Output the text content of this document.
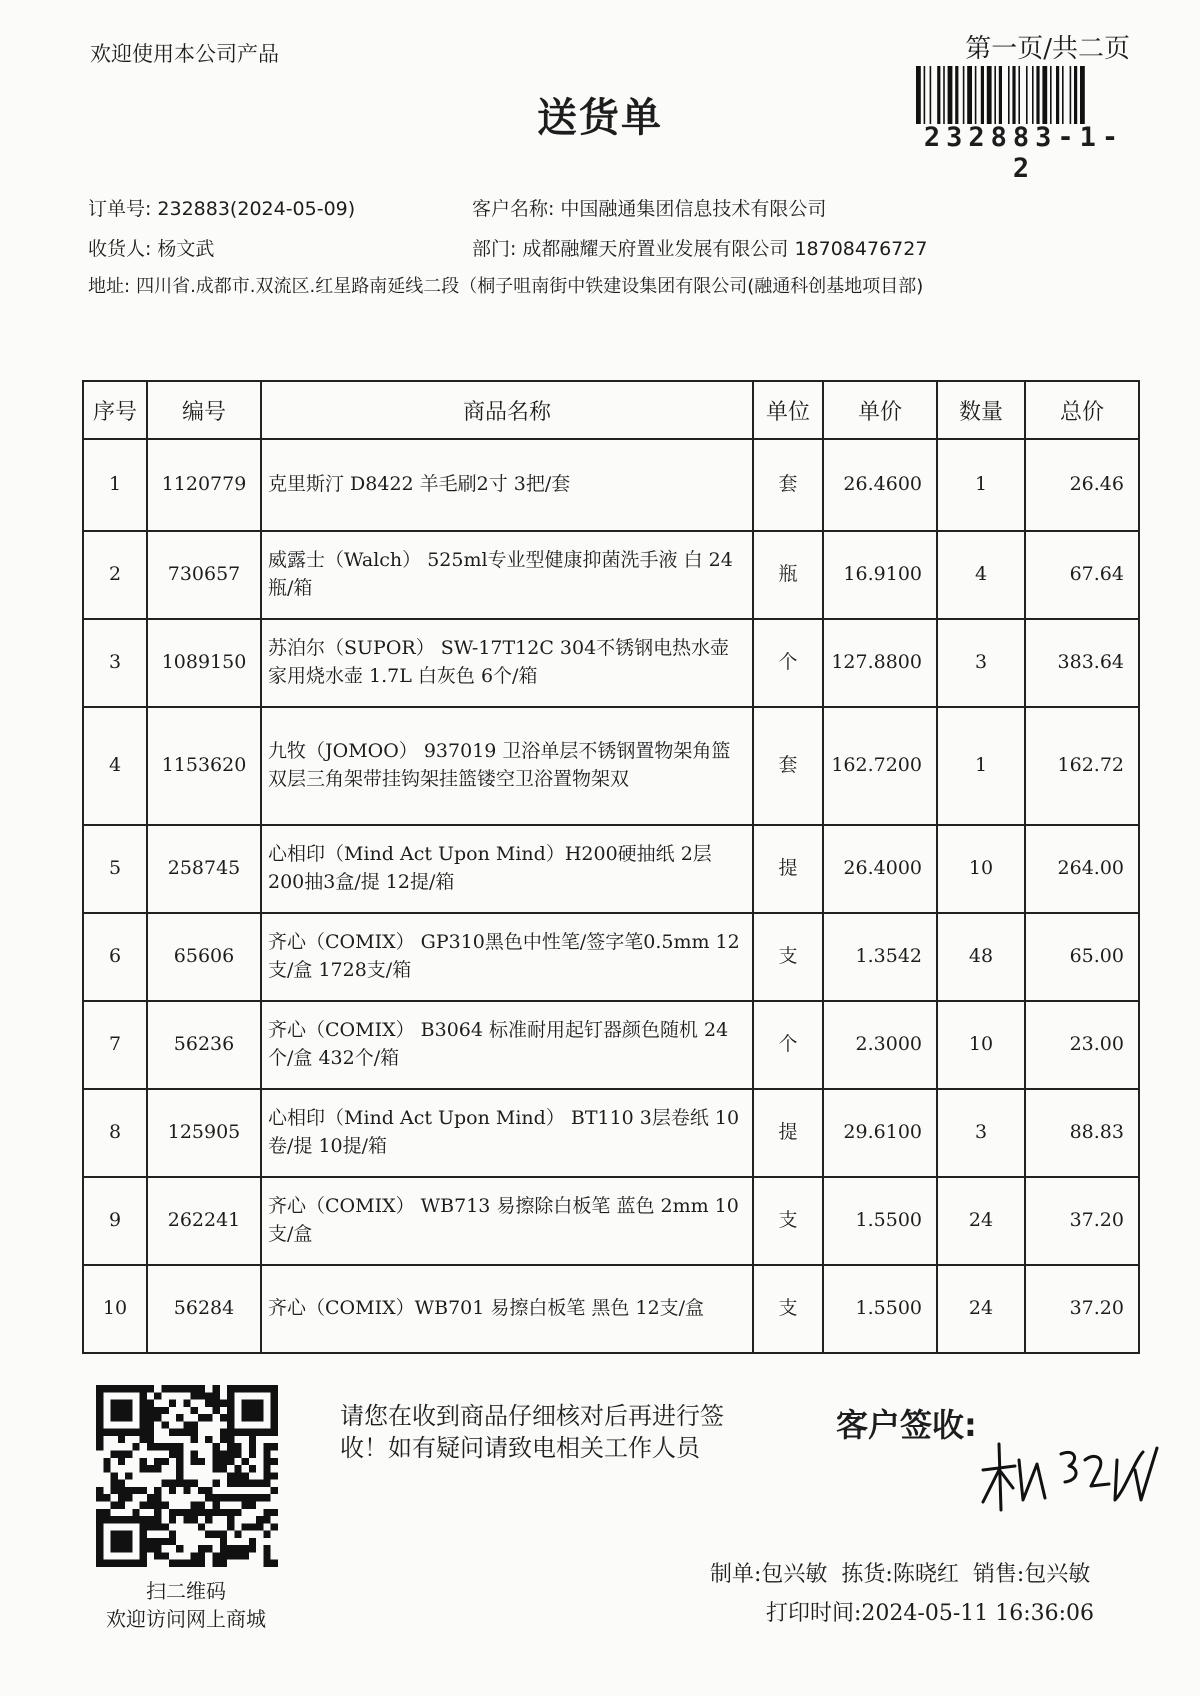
欢迎使用本公司产品	第一页/共二页
送货单	232883-1-2
订单号: 232883(2024-05-09)	客户名称: 中国融通集团信息技术有限公司
收货人: 杨文武	部门: 成都融耀天府置业发展有限公司 18708476727
地址: 四川省.成都市.双流区.红星路南延线二段（桐子咀南街中铁建设集团有限公司(融通科创基地项目部)
序号	编号	商品名称	单位	单价	数量	总价
1	1120779	克里斯汀 D8422 羊毛刷2寸 3把/套	套	26.4600	1	26.46
2	730657	威露士（Walch） 525ml专业型健康抑菌洗手液 白 24瓶/箱	瓶	16.9100	4	67.64
3	1089150	苏泊尔（SUPOR） SW-17T12C 304不锈钢电热水壶家用烧水壶 1.7L 白灰色 6个/箱	个	127.8800	3	383.64
4	1153620	九牧（JOMOO） 937019 卫浴单层不锈钢置物架角篮双层三角架带挂钩架挂篮镂空卫浴置物架双	套	162.7200	1	162.72
5	258745	心相印（Mind Act Upon Mind）H200硬抽纸 2层200抽3盒/提 12提/箱	提	26.4000	10	264.00
6	65606	齐心（COMIX） GP310黑色中性笔/签字笔0.5mm 12支/盒 1728支/箱	支	1.3542	48	65.00
7	56236	齐心（COMIX） B3064 标准耐用起钉器颜色随机 24个/盒 432个/箱	个	2.3000	10	23.00
8	125905	心相印（Mind Act Upon Mind） BT110 3层卷纸 10卷/提 10提/箱	提	29.6100	3	88.83
9	262241	齐心（COMIX） WB713 易擦除白板笔 蓝色 2mm 10支/盒	支	1.5500	24	37.20
10	56284	齐心（COMIX）WB701 易擦白板笔 黑色 12支/盒	支	1.5500	24	37.20
扫二维码
欢迎访问网上商城
请您在收到商品仔细核对后再进行签收！如有疑问请致电相关工作人员
客户签收:
制单:包兴敏 拣货:陈晓红 销售:包兴敏
打印时间:2024-05-11 16:36:06
